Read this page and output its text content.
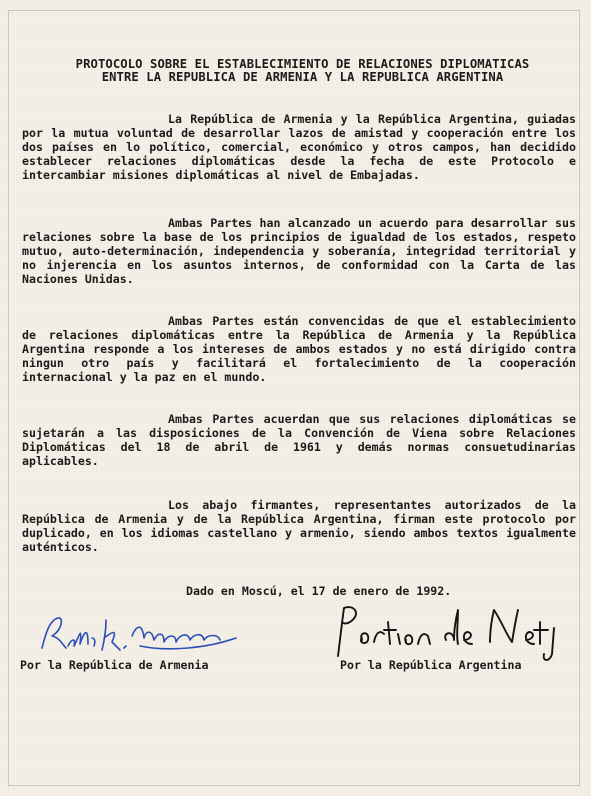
PROTOCOLO SOBRE EL ESTABLECIMIENTO DE RELACIONES DIPLOMATICAS
ENTRE LA REPUBLICA DE ARMENIA Y LA REPUBLICA ARGENTINA

La República de Armenia y la República Argentina, guiadas por la mutua voluntad de desarrollar lazos de amistad y cooperación entre los dos países en lo político, comercial, económico y otros campos, han decidido establecer relaciones diplomáticas desde la fecha de este Protocolo e intercambiar misiones diplomáticas al nivel de Embajadas.

Ambas Partes han alcanzado un acuerdo para desarrollar sus relaciones sobre la base de los principios de igualdad de los estados, respeto mutuo, auto-determinación, independencia y soberanía, integridad territorial y no injerencia en los asuntos internos, de conformidad con la Carta de las Naciones Unidas.

Ambas Partes están convencidas de que el establecimiento de relaciones diplomáticas entre la República de Armenia y la República Argentina responde a los intereses de ambos estados y no está dirigido contra ningun otro país y facilitará el fortalecimiento de la cooperación internacional y la paz en el mundo.

Ambas Partes acuerdan que sus relaciones diplomáticas se sujetarán a las disposiciones de la Convención de Viena sobre Relaciones Diplomáticas del 18 de abril de 1961 y demás normas consuetudinarias aplicables.

Los abajo firmantes, representantes autorizados de la República de Armenia y de la República Argentina, firman este protocolo por duplicado, en los idiomas castellano y armenio, siendo ambos textos igualmente auténticos.

Dado en Moscú, el 17 de enero de 1992.
Por la República de Armenia	Por la República Argentina
